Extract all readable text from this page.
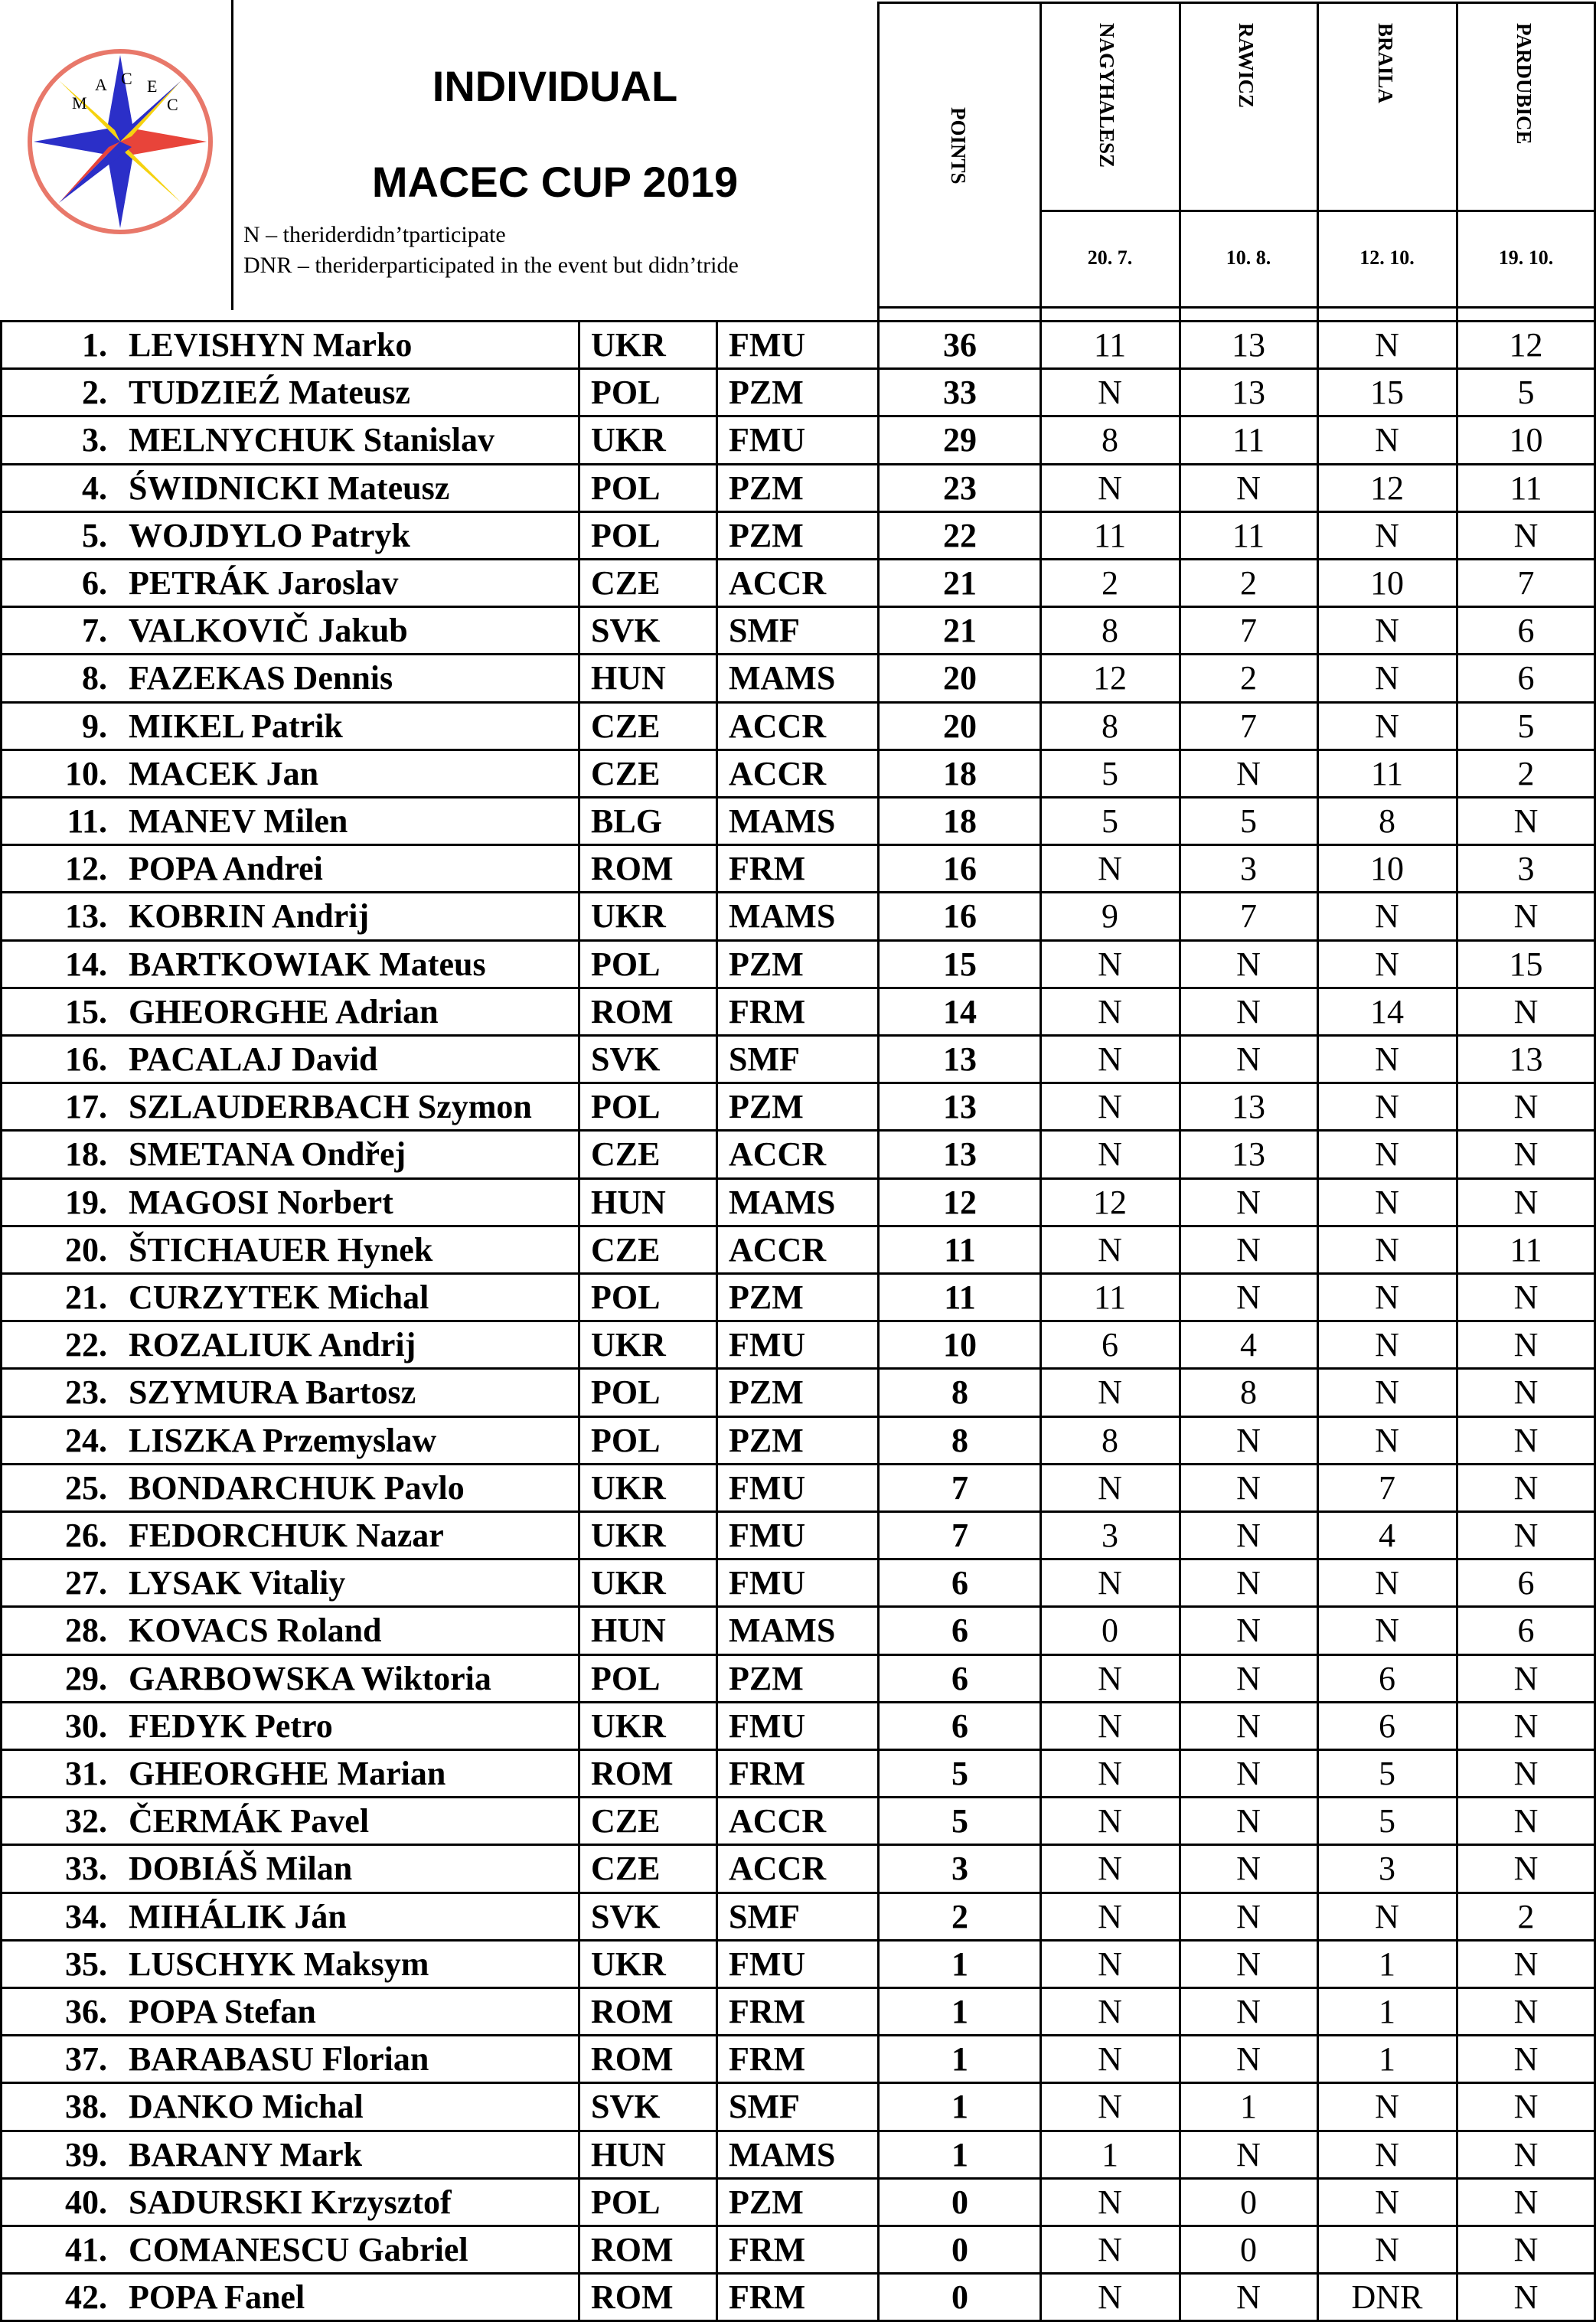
M
A C E
C	INDIVIDUAL
MACEC CUP 2019
N – theriderdidn’tparticipate
DNR – theriderparticipated in the event but didn’tride
POINTS	NAGYHALESZ	RAWICZ	BRAILA	PARDUBICE
20. 7.	10. 8.	12. 10.	19. 10.
1. LEVISHYN Marko	UKR FMU	36	11	13	N	12
2. TUDZIEŹ Mateusz	POL PZM	33	N	13	15	5
3. MELNYCHUK Stanislav	UKR FMU	29	8	11	N	10
4. ŚWIDNICKI Mateusz	POL PZM	23	N	N	12	11
5. WOJDYLO Patryk	POL PZM	22	11	11	N	N
6. PETRÁK Jaroslav	CZE ACCR	21	2	2	10	7
7. VALKOVIČ Jakub	SVK SMF	21	8	7	N	6
8. FAZEKAS Dennis	HUN MAMS	20	12	2	N	6
9. MIKEL Patrik	CZE ACCR	20	8	7	N	5
10. MACEK Jan	CZE ACCR	18	5	N	11	2
11. MANEV Milen	BLG MAMS	18	5	5	8	N
12. POPA Andrei	ROM FRM	16	N	3	10	3
13. KOBRIN Andrij	UKR MAMS	16	9	7	N	N
14. BARTKOWIAK Mateus	POL PZM	15	N	N	N	15
15. GHEORGHE Adrian	ROM FRM	14	N	N	14	N
16. PACALAJ David	SVK SMF	13	N	N	N	13
17. SZLAUDERBACH Szymon POL PZM	13	N	13	N	N
18. SMETANA Ondřej	CZE ACCR	13	N	13	N	N
19. MAGOSI Norbert	HUN MAMS	12	12	N	N	N
20. ŠTICHAUER Hynek	CZE ACCR	11	N	N	N	11
21. CURZYTEK Michal	POL PZM	11	11	N	N	N
22. ROZALIUK Andrij	UKR FMU	10	6	4	N	N
23. SZYMURA Bartosz	POL PZM	8	N	8	N	N
24. LISZKA Przemyslaw	POL PZM	8	8	N	N	N
25. BONDARCHUK Pavlo	UKR FMU	7	N	N	7	N
26. FEDORCHUK Nazar	UKR FMU	7	3	N	4	N
27. LYSAK Vitaliy	UKR FMU	6	N	N	N	6
28. KOVACS Roland	HUN MAMS	6	0	N	N	6
29. GARBOWSKA Wiktoria	POL PZM	6	N	N	6	N
30. FEDYK Petro	UKR FMU	6	N	N	6	N
31. GHEORGHE Marian	ROM FRM	5	N	N	5	N
32. ČERMÁK Pavel	CZE ACCR	5	N	N	5	N
33. DOBIÁŠ Milan	CZE ACCR	3	N	N	3	N
34. MIHÁLIK Ján	SVK SMF	2	N	N	N	2
35. LUSCHYK Maksym	UKR FMU	1	N	N	1	N
36. POPA Stefan	ROM FRM	1	N	N	1	N
37. BARABASU Florian	ROM FRM	1	N	N	1	N
38. DANKO Michal	SVK SMF	1	N	1	N	N
39. BARANY Mark	HUN MAMS	1	1	N	N	N
40. SADURSKI Krzysztof	POL PZM	0	N	0	N	N
41. COMANESCU Gabriel	ROM FRM	0	N	0	N	N
42. POPA Fanel	ROM FRM	0	N	N	DNR	N
